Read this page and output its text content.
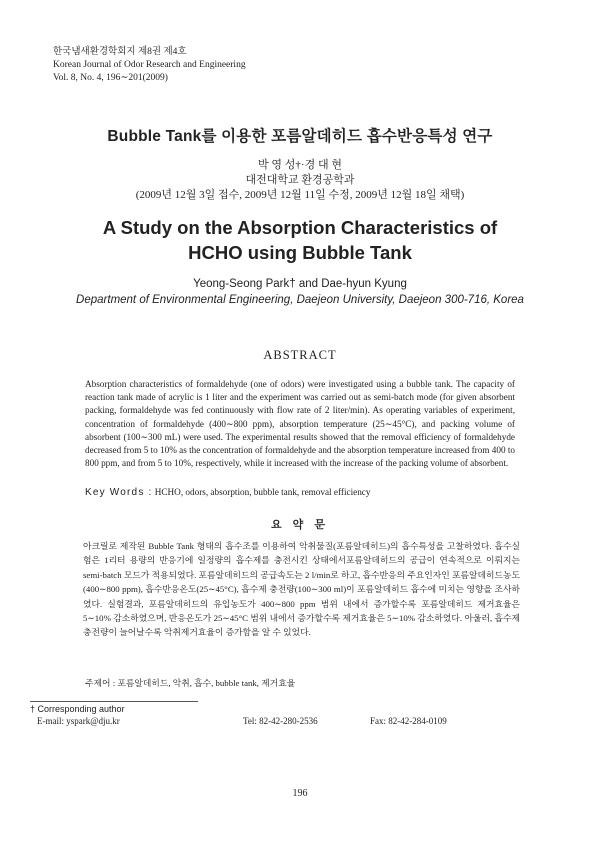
한국냄새환경학회지 제8권 제4호
Korean Journal of Odor Research and Engineering
Vol. 8, No. 4, 196∼201(2009)
Bubble Tank를 이용한 포름알데히드 흡수반응특성 연구
박 영 성†·경 대 현
대전대학교 환경공학과
(2009년 12월 3일 접수, 2009년 12월 11일 수정, 2009년 12월 18일 채택)
A Study on the Absorption Characteristics of
HCHO using Bubble Tank
Yeong-Seong Park† and Dae-hyun Kyung
Department of Environmental Engineering, Daejeon University, Daejeon 300-716, Korea
ABSTRACT
Absorption characteristics of formaldehyde (one of odors) were investigated using a bubble tank. The capacity of reaction tank made of acrylic is 1 liter and the experiment was carried out as semi-batch mode (for given absorbent packing, formaldehyde was fed continuously with flow rate of 2 liter/min). As operating variables of experiment, concentration of formaldehyde (400∼800 ppm), absorption temperature (25∼45°C), and packing volume of absorbent (100∼300 mL) were used. The experimental results showed that the removal efficiency of formaldehyde decreased from 5 to 10% as the concentration of formaldehyde and the absorption temperature increased from 400 to 800 ppm, and from 5 to 10%, respectively, while it increased with the increase of the packing volume of absorbent.
Key Words : HCHO, odors, absorption, bubble tank, removal efficiency
요 약 문
아크릴로 제작된 Bubble Tank 형태의 흡수조를 이용하여 악취물질(포름알데히드)의 흡수특성을 고찰하였다. 흡수실험은 1리터 용량의 반응기에 일정량의 흡수제를 충전시킨 상태에서포름알데히드의 공급이 연속적으로 이뤄지는 semi-batch 모드가 적용되었다. 포름알데히드의 공급속도는 2 l/min로 하고, 흡수반응의 주요인자인 포름알데히드농도(400∼800 ppm), 흡수반응온도(25∼45°C), 흡수제 충전량(100∼300 ml)이 포름알데히드 흡수에 미치는 영향을 조사하였다. 실험결과, 포름알데히드의 유입농도가 400∼800 ppm 범위 내에서 증가할수록 포름알데히드 제거효율은 5∼10% 감소하였으며, 반응온도가 25∼45°C 범위 내에서 증가할수록 제거효율은 5∼10% 감소하였다. 아울러, 흡수제 충전량이 늘어날수록 악취제거효율이 증가함을 알 수 있었다.
주제어 : 포름알데히드, 악취, 흡수, bubble tank, 제거효율
† Corresponding author
E-mail: yspark@dju.kr	Tel: 82-42-280-2536	Fax: 82-42-284-0109
196
